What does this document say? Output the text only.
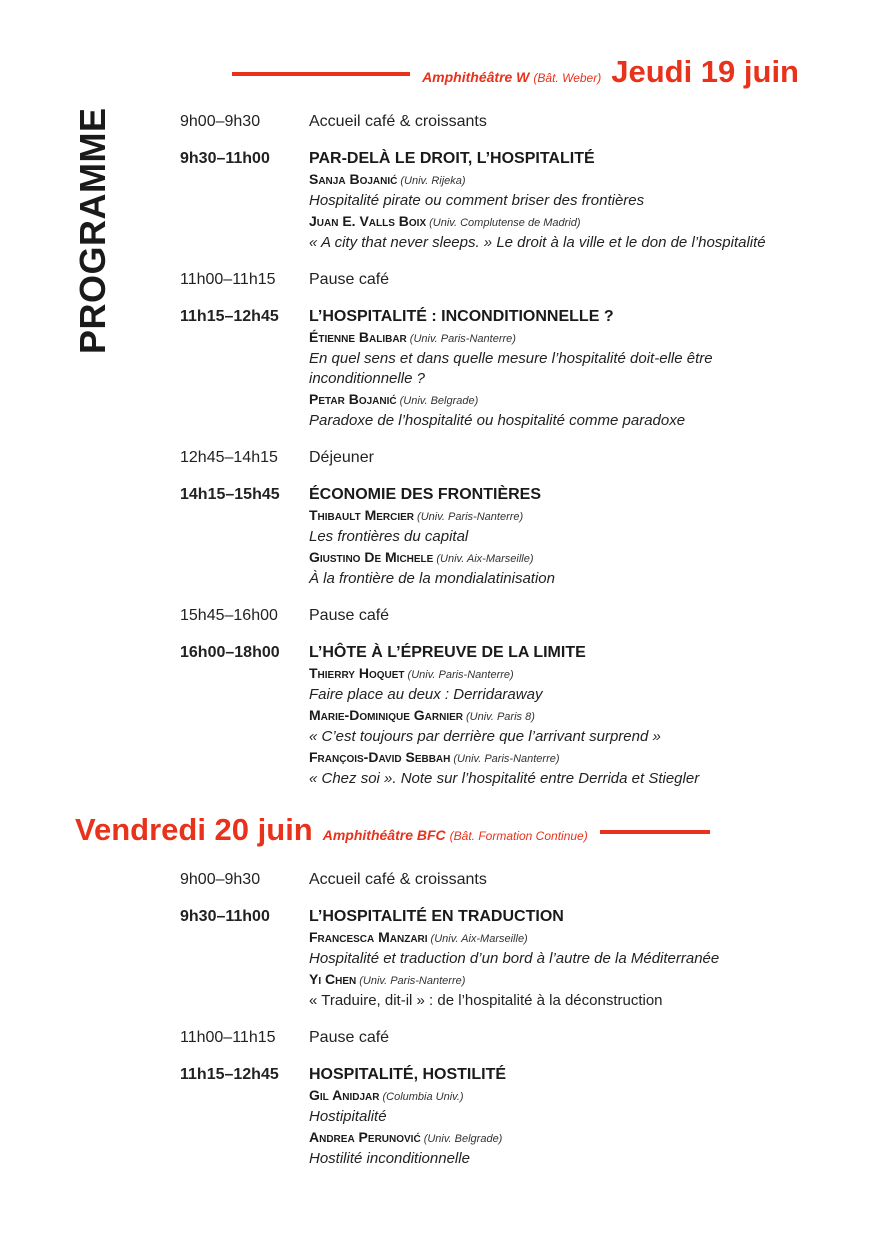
PROGRAMME
Amphithéâtre W (Bât. Weber) Jeudi 19 juin
9h00–9h30	Accueil café & croissants
9h30–11h00	PAR-DELÀ LE DROIT, L’HOSPITALITÉ
Sanja Bojanić (Univ. Rijeka)
Hospitalité pirate ou comment briser des frontières
Juan E. Valls Boix (Univ. Complutense de Madrid)
« A city that never sleeps. » Le droit à la ville et le don de l’hospitalité
11h00–11h15	Pause café
11h15–12h45	L’HOSPITALITÉ : INCONDITIONNELLE ?
Étienne Balibar (Univ. Paris-Nanterre)
En quel sens et dans quelle mesure l’hospitalité doit-elle être inconditionnelle ?
Petar Bojanić (Univ. Belgrade)
Paradoxe de l’hospitalité ou hospitalité comme paradoxe
12h45–14h15	Déjeuner
14h15–15h45	ÉCONOMIE DES FRONTIÈRES
Thibault Mercier (Univ. Paris-Nanterre)
Les frontières du capital
Giustino De Michele (Univ. Aix-Marseille)
À la frontière de la mondialatinisation
15h45–16h00	Pause café
16h00–18h00	L’HÔTE À L’ÉPREUVE DE LA LIMITE
Thierry Hoquet (Univ. Paris-Nanterre)
Faire place au deux : Derridaraway
Marie-Dominique Garnier (Univ. Paris 8)
« C’est toujours par derrière que l’arrivant surprend »
François-David Sebbah (Univ. Paris-Nanterre)
« Chez soi ». Note sur l’hospitalité entre Derrida et Stiegler
Vendredi 20 juin Amphithéâtre BFC (Bât. Formation Continue)
9h00–9h30	Accueil café & croissants
9h30–11h00	L’HOSPITALITÉ EN TRADUCTION
Francesca Manzari (Univ. Aix-Marseille)
Hospitalité et traduction d’un bord à l’autre de la Méditerranée
Yi Chen (Univ. Paris-Nanterre)
« Traduire, dit-il » : de l’hospitalité à la déconstruction
11h00–11h15	Pause café
11h15–12h45	HOSPITALITÉ, HOSTILITÉ
Gil Anidjar (Columbia Univ.)
Hostipitalité
Andrea Perunović (Univ. Belgrade)
Hostilité inconditionnelle
